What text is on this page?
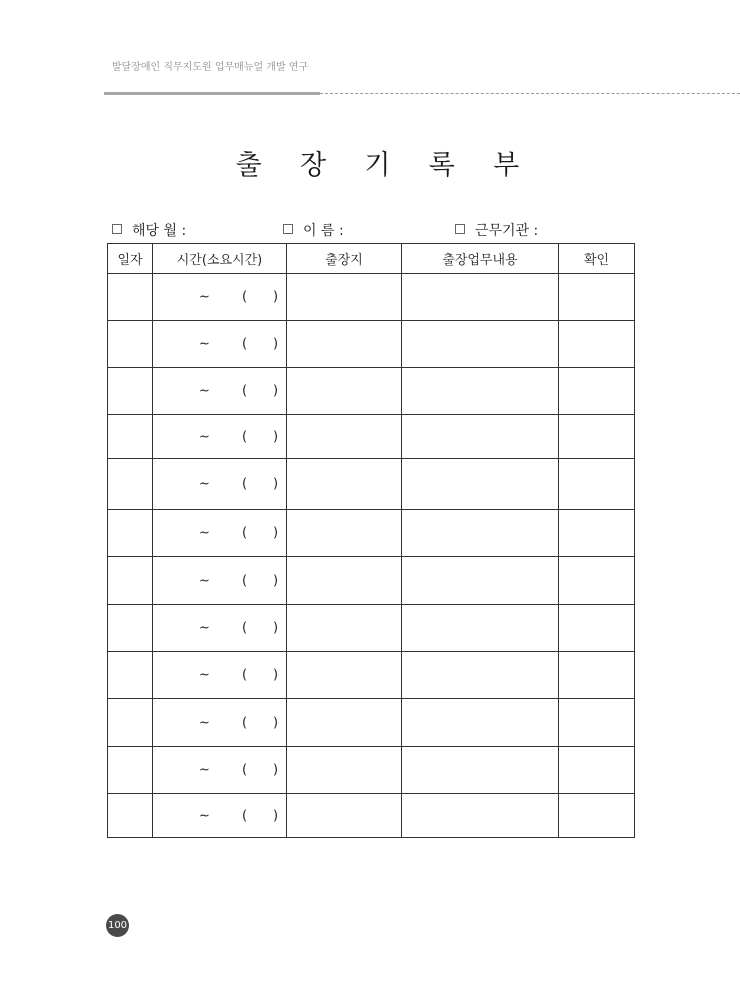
발달장애인 직무지도원 업무매뉴얼 개발 연구
출 장 기 록 부
해당 월 :	이 름 :	근무기관 :
일자	시간(소요시간)	출장지	출장업무내용	확인

	~ ( )			

	~ ( )			

	~ ( )			

	~ ( )			

	~ ( )			

	~ ( )			

	~ ( )			

	~ ( )			

	~ ( )			

	~ ( )			

	~ ( )			

	~ ( )			

100
